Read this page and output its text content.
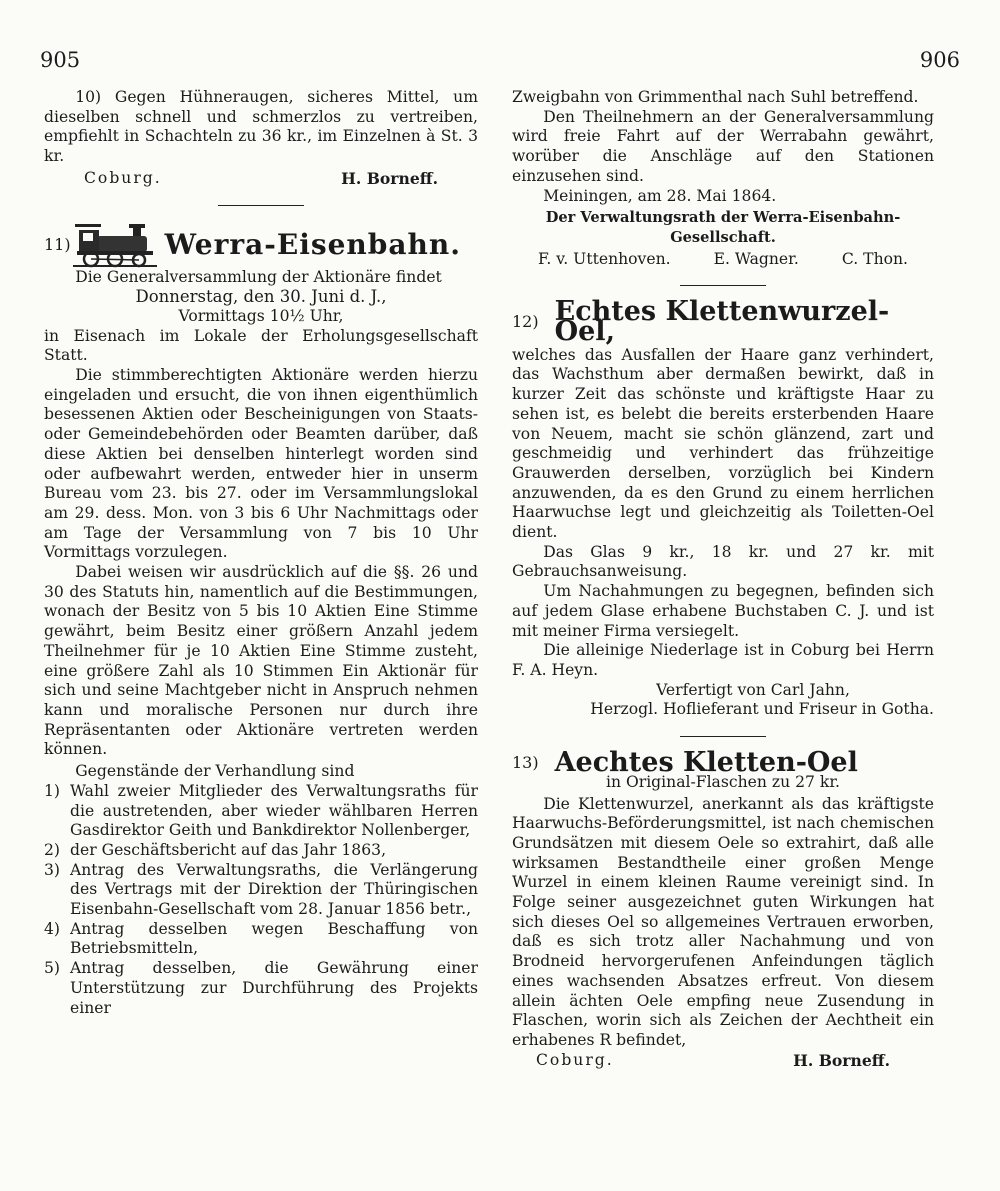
905	906

10) Gegen Hühneraugen, sicheres Mittel, um dieselben schnell und schmerzlos zu vertreiben, empfiehlt in Schachteln zu 36 kr., im Einzelnen à St. 3 kr.

Coburg.	H. Borneff.
11)	Werra-Eisenbahn.

Die Generalversammlung der Aktionäre findet

Donnerstag, den 30. Juni d. J.,

Vormittags 10½ Uhr,

in Eisenach im Lokale der Erholungsgesellschaft Statt.

Die stimmberechtigten Aktionäre werden hierzu eingeladen und ersucht, die von ihnen eigenthümlich besessenen Aktien oder Bescheinigungen von Staats- oder Gemeindebehörden oder Beamten darüber, daß diese Aktien bei denselben hinterlegt worden sind oder aufbewahrt werden, entweder hier in unserm Bureau vom 23. bis 27. oder im Versammlungslokal am 29. dess. Mon. von 3 bis 6 Uhr Nachmittags oder am Tage der Versammlung von 7 bis 10 Uhr Vormittags vorzulegen.

Dabei weisen wir ausdrücklich auf die §§. 26 und 30 des Statuts hin, namentlich auf die Bestimmungen, wonach der Besitz von 5 bis 10 Aktien Eine Stimme gewährt, beim Besitz einer größern Anzahl jedem Theilnehmer für je 10 Aktien Eine Stimme zusteht, eine größere Zahl als 10 Stimmen Ein Aktionär für sich und seine Machtgeber nicht in Anspruch nehmen kann und moralische Personen nur durch ihre Repräsentanten oder Aktionäre vertreten werden können.

Gegenstände der Verhandlung sind

1) Wahl zweier Mitglieder des Verwaltungsraths für die austretenden, aber wieder wählbaren Herren Gasdirektor Geith und Bankdirektor Nollenberger,
2) der Geschäftsbericht auf das Jahr 1863,
3) Antrag des Verwaltungsraths, die Verlängerung des Vertrags mit der Direktion der Thüringischen Eisenbahn-Gesellschaft vom 28. Januar 1856 betr.,
4) Antrag desselben wegen Beschaffung von Betriebsmitteln,
5) Antrag desselben, die Gewährung einer Unterstützung zur Durchführung des Projekts einer

Zweigbahn von Grimmenthal nach Suhl betreffend.

Den Theilnehmern an der Generalversammlung wird freie Fahrt auf der Werrabahn gewährt, worüber die Anschläge auf den Stationen einzusehen sind.

Meiningen, am 28. Mai 1864.

Der Verwaltungsrath der Werra-Eisenbahn-Gesellschaft.

F. v. Uttenhoven.	E. Wagner.	C. Thon.
12) Echtes Klettenwurzel-Oel,

welches das Ausfallen der Haare ganz verhindert, das Wachsthum aber dermaßen bewirkt, daß in kurzer Zeit das schönste und kräftigste Haar zu sehen ist, es belebt die bereits ersterbenden Haare von Neuem, macht sie schön glänzend, zart und geschmeidig und verhindert das frühzeitige Grauwerden derselben, vorzüglich bei Kindern anzuwenden, da es den Grund zu einem herrlichen Haarwuchse legt und gleichzeitig als Toiletten-Oel dient.

Das Glas 9 kr., 18 kr. und 27 kr. mit Gebrauchsanweisung.

Um Nachahmungen zu begegnen, befinden sich auf jedem Glase erhabene Buchstaben C. J. und ist mit meiner Firma versiegelt.

Die alleinige Niederlage ist in Coburg bei Herrn F. A. Heyn.

Verfertigt von Carl Jahn,

Herzogl. Hoflieferant und Friseur in Gotha.

13) Aechtes Kletten-Oel

in Original-Flaschen zu 27 kr.

Die Klettenwurzel, anerkannt als das kräftigste Haarwuchs-Beförderungsmittel, ist nach chemischen Grundsätzen mit diesem Oele so extrahirt, daß alle wirksamen Bestandtheile einer großen Menge Wurzel in einem kleinen Raume vereinigt sind. In Folge seiner ausgezeichnet guten Wirkungen hat sich dieses Oel so allgemeines Vertrauen erworben, daß es sich trotz aller Nachahmung und von Brodneid hervorgerufenen Anfeindungen täglich eines wachsenden Absatzes erfreut. Von diesem allein ächten Oele empfing neue Zusendung in Flaschen, worin sich als Zeichen der Aechtheit ein erhabenes R befindet,

Coburg.	H. Borneff.
